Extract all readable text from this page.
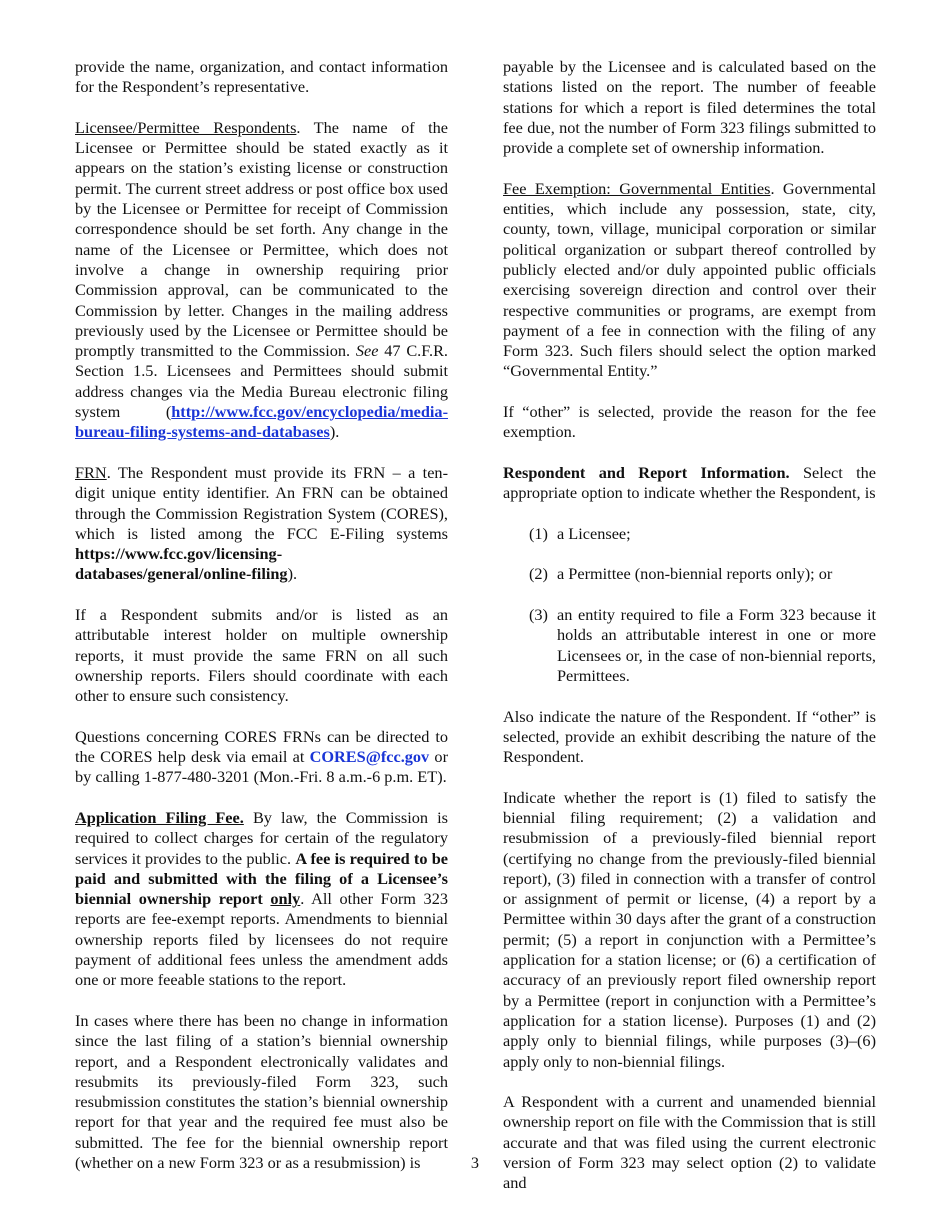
provide the name, organization, and contact information for the Respondent’s representative.

Licensee/Permittee Respondents. The name of the Licensee or Permittee should be stated exactly as it appears on the station’s existing license or construction permit. The current street address or post office box used by the Licensee or Permittee for receipt of Commission correspondence should be set forth. Any change in the name of the Licensee or Permittee, which does not involve a change in ownership requiring prior Commission approval, can be communicated to the Commission by letter. Changes in the mailing address previously used by the Licensee or Permittee should be promptly transmitted to the Commission. See 47 C.F.R. Section 1.5. Licensees and Permittees should submit address changes via the Media Bureau electronic filing system (http://www.fcc.gov/encyclopedia/media-bureau-filing-systems-and-databases).

FRN. The Respondent must provide its FRN – a ten-digit unique entity identifier. An FRN can be obtained through the Commission Registration System (CORES), which is listed among the FCC E-Filing systems https://www.fcc.gov/licensing-databases/general/online-filing).

If a Respondent submits and/or is listed as an attributable interest holder on multiple ownership reports, it must provide the same FRN on all such ownership reports. Filers should coordinate with each other to ensure such consistency.

Questions concerning CORES FRNs can be directed to the CORES help desk via email at CORES@fcc.gov or by calling 1-877-480-3201 (Mon.-Fri. 8 a.m.-6 p.m. ET).

Application Filing Fee. By law, the Commission is required to collect charges for certain of the regulatory services it provides to the public. A fee is required to be paid and submitted with the filing of a Licensee’s biennial ownership report only. All other Form 323 reports are fee-exempt reports. Amendments to biennial ownership reports filed by licensees do not require payment of additional fees unless the amendment adds one or more feeable stations to the report.

In cases where there has been no change in information since the last filing of a station’s biennial ownership report, and a Respondent electronically validates and resubmits its previously-filed Form 323, such resubmission constitutes the station’s biennial ownership report for that year and the required fee must also be submitted. The fee for the biennial ownership report (whether on a new Form 323 or as a resubmission) is

payable by the Licensee and is calculated based on the stations listed on the report. The number of feeable stations for which a report is filed determines the total fee due, not the number of Form 323 filings submitted to provide a complete set of ownership information.

Fee Exemption: Governmental Entities. Governmental entities, which include any possession, state, city, county, town, village, municipal corporation or similar political organization or subpart thereof controlled by publicly elected and/or duly appointed public officials exercising sovereign direction and control over their respective communities or programs, are exempt from payment of a fee in connection with the filing of any Form 323. Such filers should select the option marked “Governmental Entity.”

If “other” is selected, provide the reason for the fee exemption.

Respondent and Report Information. Select the appropriate option to indicate whether the Respondent, is

(1) a Licensee;
(2) a Permittee (non-biennial reports only); or
(3) an entity required to file a Form 323 because it holds an attributable interest in one or more Licensees or, in the case of non-biennial reports, Permittees.

Also indicate the nature of the Respondent. If “other” is selected, provide an exhibit describing the nature of the Respondent.

Indicate whether the report is (1) filed to satisfy the biennial filing requirement; (2) a validation and resubmission of a previously-filed biennial report (certifying no change from the previously-filed biennial report), (3) filed in connection with a transfer of control or assignment of permit or license, (4) a report by a Permittee within 30 days after the grant of a construction permit; (5) a report in conjunction with a Permittee’s application for a station license; or (6) a certification of accuracy of an previously report filed ownership report by a Permittee (report in conjunction with a Permittee’s application for a station license). Purposes (1) and (2) apply only to biennial filings, while purposes (3)–(6) apply only to non-biennial filings.

A Respondent with a current and unamended biennial ownership report on file with the Commission that is still accurate and that was filed using the current electronic version of Form 323 may select option (2) to validate and

3
